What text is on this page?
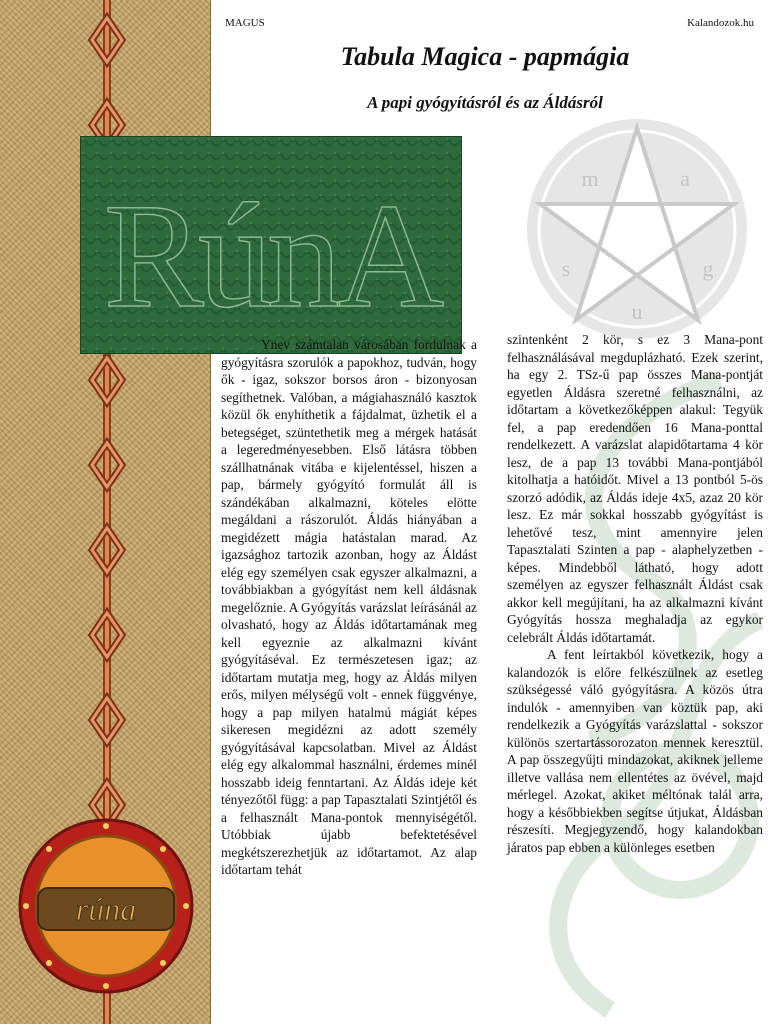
m	a
g
u
s
RúnA
rúna
MAGUS	Kalandozok.hu
Tabula Magica - papmágia
A papi gyógyításról és az Áldásról

Ynev számtalan városában fordulnak a gyógyításra szorulók a papokhoz, tudván, hogy ők - igaz, sokszor borsos áron - bizonyosan segíthetnek. Valóban, a mágiahasználó kasztok közül ők enyhíthetik a fájdalmat, üzhetik el a betegséget, szüntethetik meg a mérgek hatását a legeredményesebben. Első látásra többen szállhatnának vitába e kijelentéssel, hiszen a pap, bármely gyógyító formulát áll is szándékában alkalmazni, köteles elötte megáldani a rászorulót. Áldás hiányában a megidézett mágia hatástalan marad. Az igazsághoz tartozik azonban, hogy az Áldást elég egy személyen csak egyszer alkalmazni, a továbbiakban a gyógyítást nem kell áldásnak megelőznie. A Gyógyítás varázslat leírásánál az olvasható, hogy az Áldás időtartamának meg kell egyeznie az alkalmazni kívánt gyógyításéval. Ez természetesen igaz; az időtartam mutatja meg, hogy az Áldás milyen erős, milyen mélységű volt - ennek függvénye, hogy a pap milyen hatalmú mágiát képes sikeresen megidézni az adott személy gyógyításával kapcsolatban. Mivel az Áldást elég egy alkalommal használni, érdemes minél hosszabb ideig fenntartani. Az Áldás ideje két tényezőtől függ: a pap Tapasztalati Szintjétől és a felhasznált Mana-pontok mennyiségétől. Utóbbiak újabb befektetésével megkétszerezhetjük az időtartamot. Az alap időtartam tehát

szintenként 2 kör, s ez 3 Mana-pont felhasználásával megduplázható. Ezek szerint, ha egy 2. TSz-ű pap összes Mana-pontját egyetlen Áldásra szeretné felhasználni, az időtartam a következőképpen alakul: Tegyük fel, a pap eredendően 16 Mana-ponttal rendelkezett. A varázslat alapidőtartama 4 kör lesz, de a pap 13 további Mana-pontjából kitolhatja a hatóidőt. Mivel a 13 pontból 5-ös szorzó adódik, az Áldás ideje 4x5, azaz 20 kör lesz. Ez már sokkal hosszabb gyógyítást is lehetővé tesz, mint amennyire jelen Tapasztalati Szinten a pap - alaphelyzetben - képes. Mindebből látható, hogy adott személyen az egyszer felhasznált Áldást csak akkor kell megújítani, ha az alkalmazni kívánt Gyógyítás hossza meghaladja az egykor celebrált Áldás időtartamát.

A fent leírtakból következik, hogy a kalandozók is előre felkészülnek az esetleg szükségessé váló gyógyításra. A közös útra indulók - amennyiben van köztük pap, aki rendelkezik a Gyógyítás varázslattal - sokszor különös szertartássorozaton mennek keresztül. A pap összegyűjti mindazokat, akiknek jelleme illetve vallása nem ellentétes az övével, majd mérlegel. Azokat, akiket méltónak talál arra, hogy a későbbiekben segítse útjukat, Áldásban részesíti. Megjegyzendő, hogy kalandokban járatos pap ebben a különleges esetben
